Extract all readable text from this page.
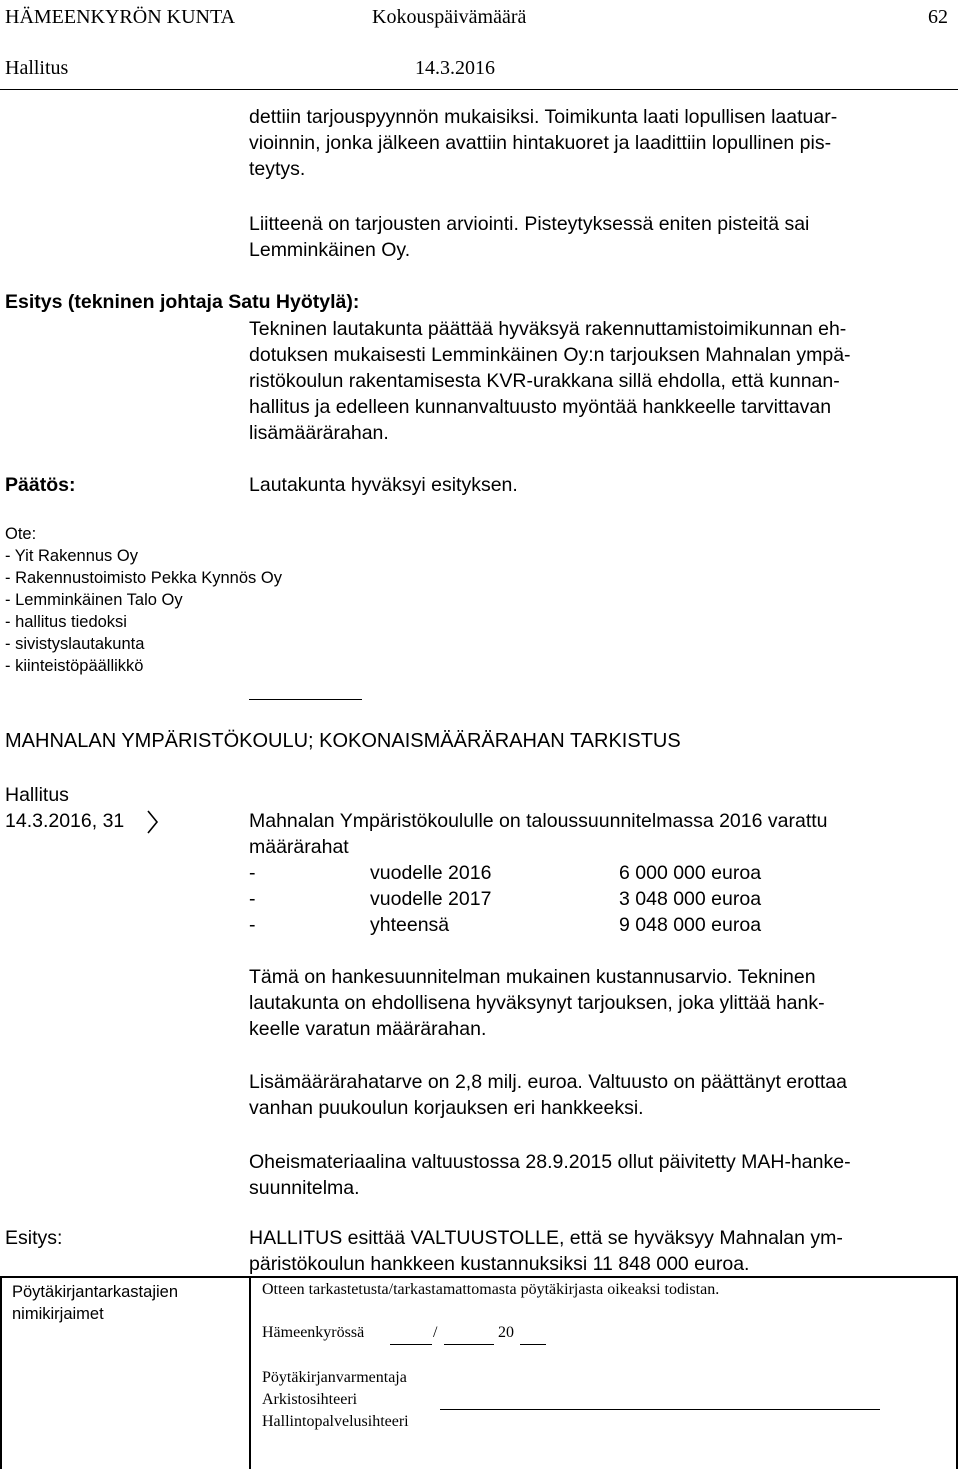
HÄMEENKYRÖN KUNTA	Kokouspäivämäärä	62
Hallitus	14.3.2016
dettiin tarjouspyynnön mukaisiksi. Toimikunta laati lopullisen laatuar-
vioinnin, jonka jälkeen avattiin hintakuoret ja laadittiin lopullinen pis-
teytys.
Liitteenä on tarjousten arviointi. Pisteytyksessä eniten pisteitä sai
Lemminkäinen Oy.
Esitys (tekninen johtaja Satu Hyötylä):
Tekninen lautakunta päättää hyväksyä rakennuttamistoimikunnan eh-
dotuksen mukaisesti Lemminkäinen Oy:n tarjouksen Mahnalan ympä-
ristökoulun rakentamisesta KVR-urakkana sillä ehdolla, että kunnan-
hallitus ja edelleen kunnanvaltuusto myöntää hankkeelle tarvittavan
lisämäärärahan.
Päätös:	Lautakunta hyväksyi esityksen.
Ote:
- Yit Rakennus Oy
- Rakennustoimisto Pekka Kynnös Oy
- Lemminkäinen Talo Oy
- hallitus tiedoksi
- sivistyslautakunta
- kiinteistöpäällikkö
MAHNALAN YMPÄRISTÖKOULU; KOKONAISMÄÄRÄRAHAN TARKISTUS
Hallitus
14.3.2016, 31	Mahnalan Ympäristökoululle on taloussuunnitelmassa 2016 varattu
määrärahat
-	vuodelle 2016	6 000 000 euroa
-	vuodelle 2017	3 048 000 euroa
-	yhteensä	9 048 000 euroa
Tämä on hankesuunnitelman mukainen kustannusarvio. Tekninen
lautakunta on ehdollisena hyväksynyt tarjouksen, joka ylittää hank-
keelle varatun määrärahan.
Lisämäärärahatarve on 2,8 milj. euroa. Valtuusto on päättänyt erottaa
vanhan puukoulun korjauksen eri hankkeeksi.
Oheismateriaalina valtuustossa 28.9.2015 ollut päivitetty MAH-hanke-
suunnitelma.
Esitys:	HALLITUS esittää VALTUUSTOLLE, että se hyväksyy Mahnalan ym-
päristökoulun hankkeen kustannuksiksi 11 848 000 euroa.
Pöytäkirjantarkastajien
nimikirjaimet
Otteen tarkastetusta/tarkastamattomasta pöytäkirjasta oikeaksi todistan.
Hämeenkyrössä	/	20
Pöytäkirjanvarmentaja
Arkistosihteeri
Hallintopalvelusihteeri
